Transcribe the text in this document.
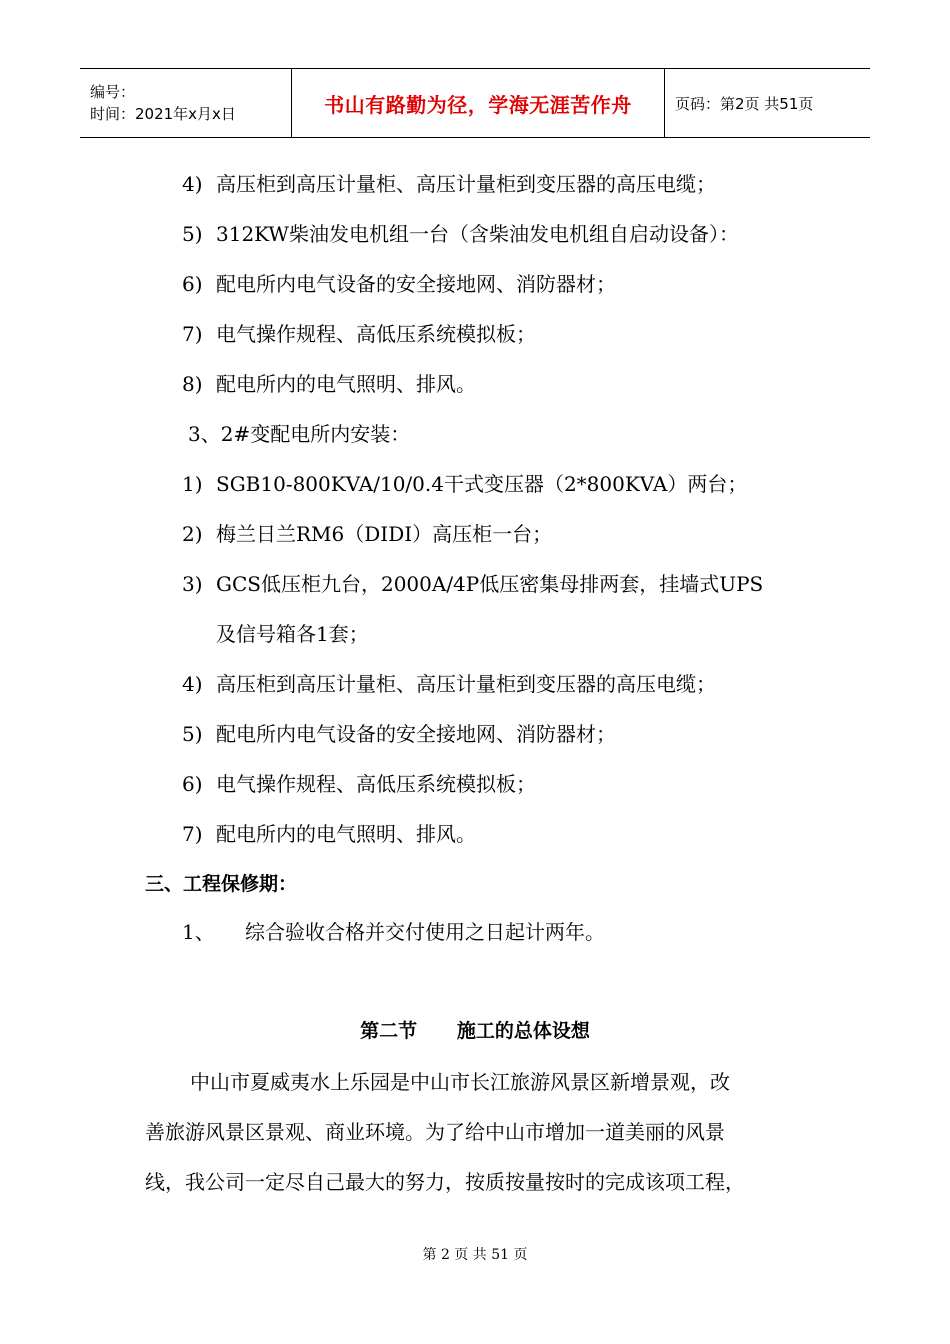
编号：
时间：2021年x月x日	书山有路勤为径，学海无涯苦作舟	页码：第2页 共51页
4) 高压柜到高压计量柜、高压计量柜到变压器的高压电缆；
5) 312KW柴油发电机组一台（含柴油发电机组自启动设备）：
6) 配电所内电气设备的安全接地网、消防器材；
7) 电气操作规程、高低压系统模拟板；
8) 配电所内的电气照明、排风。
3、2#变配电所内安装：
1) SGB10-800KVA/10/0.4干式变压器（2*800KVA）两台；
2) 梅兰日兰RM6（DIDI）高压柜一台；
3) GCS低压柜九台，2000A/4P低压密集母排两套，挂墙式UPS
及信号箱各1套；
4) 高压柜到高压计量柜、高压计量柜到变压器的高压电缆；
5) 配电所内电气设备的安全接地网、消防器材；
6) 电气操作规程、高低压系统模拟板；
7) 配电所内的电气照明、排风。
三、工程保修期：
1、 综合验收合格并交付使用之日起计两年。
第二节      施工的总体设想
中山市夏威夷水上乐园是中山市长江旅游风景区新增景观，改
善旅游风景区景观、商业环境。为了给中山市增加一道美丽的风景
线，我公司一定尽自己最大的努力，按质按量按时的完成该项工程，
第 2 页 共 51 页
